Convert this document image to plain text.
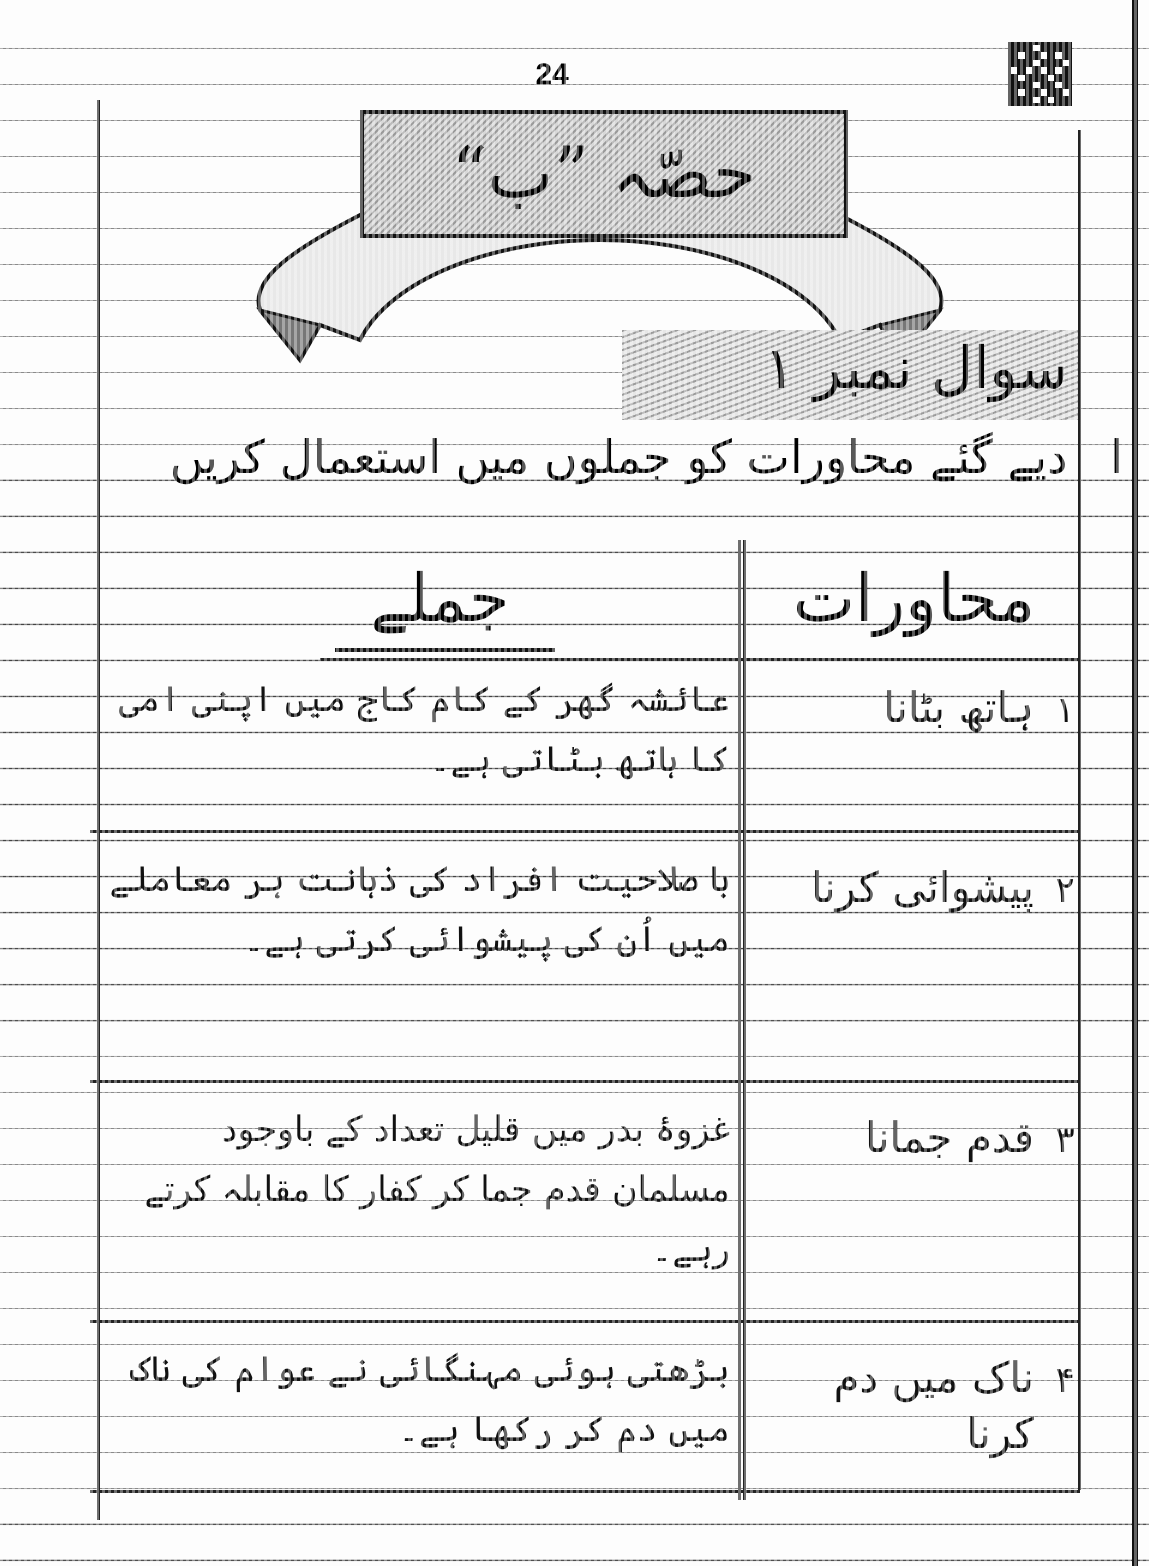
24
حصّہ ”ب“
سوال نمبر ۱
ا دیے گئے محاورات کو جملوں میں استعمال کریں
محاورات
جملے
۱
ہاتھ بٹانا
عائشہ گھر کے کام کاج میں اپنی امی کا ہاتھ بٹاتی ہے۔
۲
پیشوائی کرنا
با صلاحیت افراد کی ذہانت ہر معاملے میں اُن کی پیشوائی کرتی ہے۔
۳
قدم جمانا
غزوۂ بدر میں قلیل تعداد کے باوجود مسلمان قدم جما کر کفار کا مقابلہ کرتے رہے۔
۴
ناک میں دم کرنا
بڑھتی ہوئی مہنگائی نے عوام کی ناک میں دم کر رکھا ہے۔
